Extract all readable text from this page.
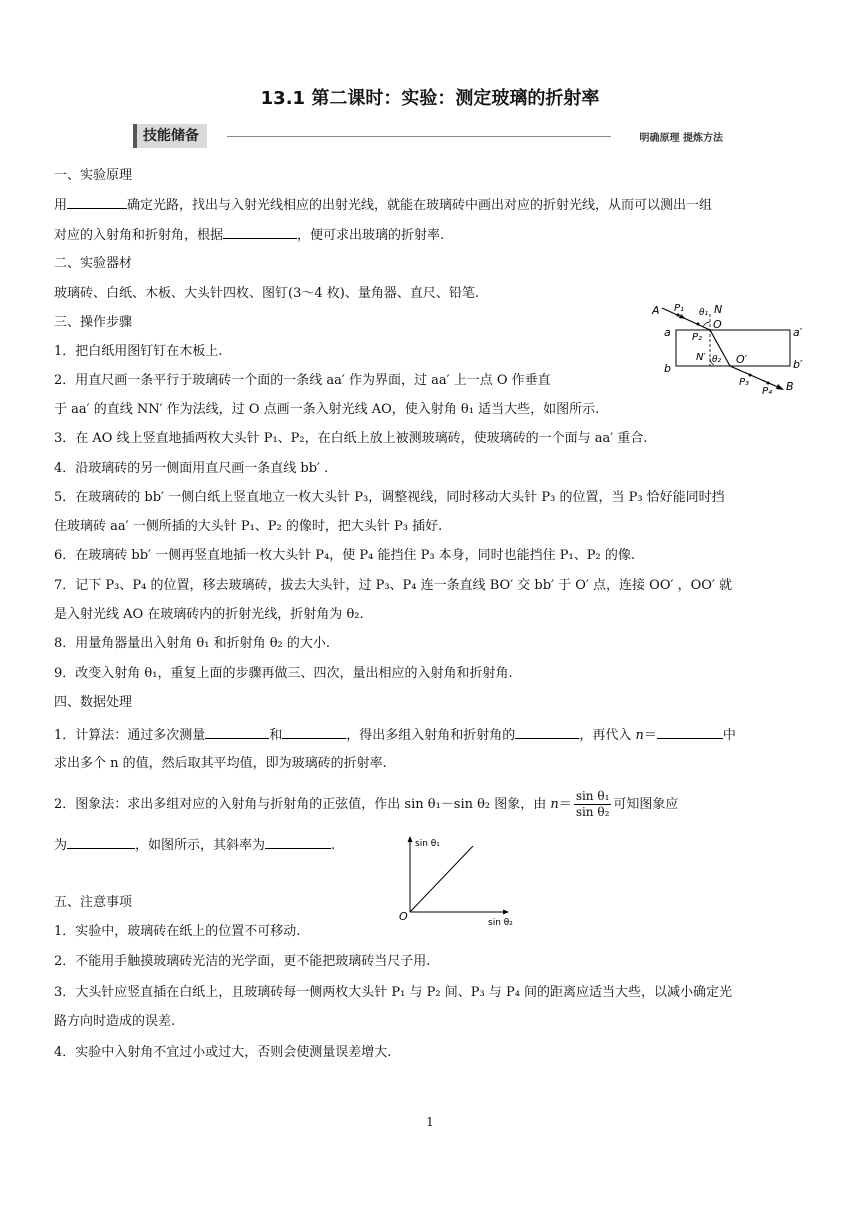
13.1 第二课时：实验：测定玻璃的折射率
技能储备	明确原理 提炼方法
一、实验原理
用	确定光路，找出与入射光线相应的出射光线，就能在玻璃砖中画出对应的折射光线，从而可以测出一组
对应的入射角和折射角，根据	，便可求出玻璃的折射率.
二、实验器材
玻璃砖、白纸、木板、大头针四枚、图钉(3～4 枚)、量角器、直尺、铅笔.
三、操作步骤
1．把白纸用图钉钉在木板上.
2．用直尺画一条平行于玻璃砖一个面的一条线 aa′ 作为界面，过 aa′ 上一点 O 作垂直
于 aa′ 的直线 NN′ 作为法线，过 O 点画一条入射光线 AO，使入射角 θ₁ 适当大些，如图所示.
3．在 AO 线上竖直地插两枚大头针 P₁、P₂，在白纸上放上被测玻璃砖，使玻璃砖的一个面与 aa′ 重合.
4．沿玻璃砖的另一侧面用直尺画一条直线 bb′ .
5．在玻璃砖的 bb′ 一侧白纸上竖直地立一枚大头针 P₃，调整视线，同时移动大头针 P₃ 的位置，当 P₃ 恰好能同时挡
住玻璃砖 aa′ 一侧所插的大头针 P₁、P₂ 的像时，把大头针 P₃ 插好.
6．在玻璃砖 bb′ 一侧再竖直地插一枚大头针 P₄，使 P₄ 能挡住 P₃ 本身，同时也能挡住 P₁、P₂ 的像.
7．记下 P₃、P₄ 的位置，移去玻璃砖，拔去大头针，过 P₃、P₄ 连一条直线 BO′ 交 bb′ 于 O′ 点，连接 OO′ ，OO′ 就
是入射光线 AO 在玻璃砖内的折射光线，折射角为 θ₂.
8．用量角器量出入射角 θ₁ 和折射角 θ₂ 的大小.
9．改变入射角 θ₁，重复上面的步骤再做三、四次，量出相应的入射角和折射角.
四、数据处理
1．计算法：通过多次测量	和	，得出多组入射角和折射角的	，再代入 n＝	中
求出多个 n 的值，然后取其平均值，即为玻璃砖的折射率.
2．图象法：求出多组对应的入射角与折射角的正弦值，作出 sin θ₁－sin θ₂ 图象，由 $n= \frac{\text{sin θ₁}}{\text{sin θ₂}}$ 可知图象应
为	，如图所示，其斜率为	.
五、注意事项
1．实验中，玻璃砖在纸上的位置不可移动.
2．不能用手触摸玻璃砖光洁的光学面，更不能把玻璃砖当尺子用.
3．大头针应竖直插在白纸上，且玻璃砖每一侧两枚大头针 P₁ 与 P₂ 间、P₃ 与 P₄ 间的距离应适当大些，以减小确定光
路方向时造成的误差.
4．实验中入射角不宜过小或过大，否则会使测量误差增大.
1
A P₁ θ₁ N
O
a	a′
P₂
N′ θ₂ O′
b	b′
P₃
P₄ B
sin θ₁
sin θ₂
O
